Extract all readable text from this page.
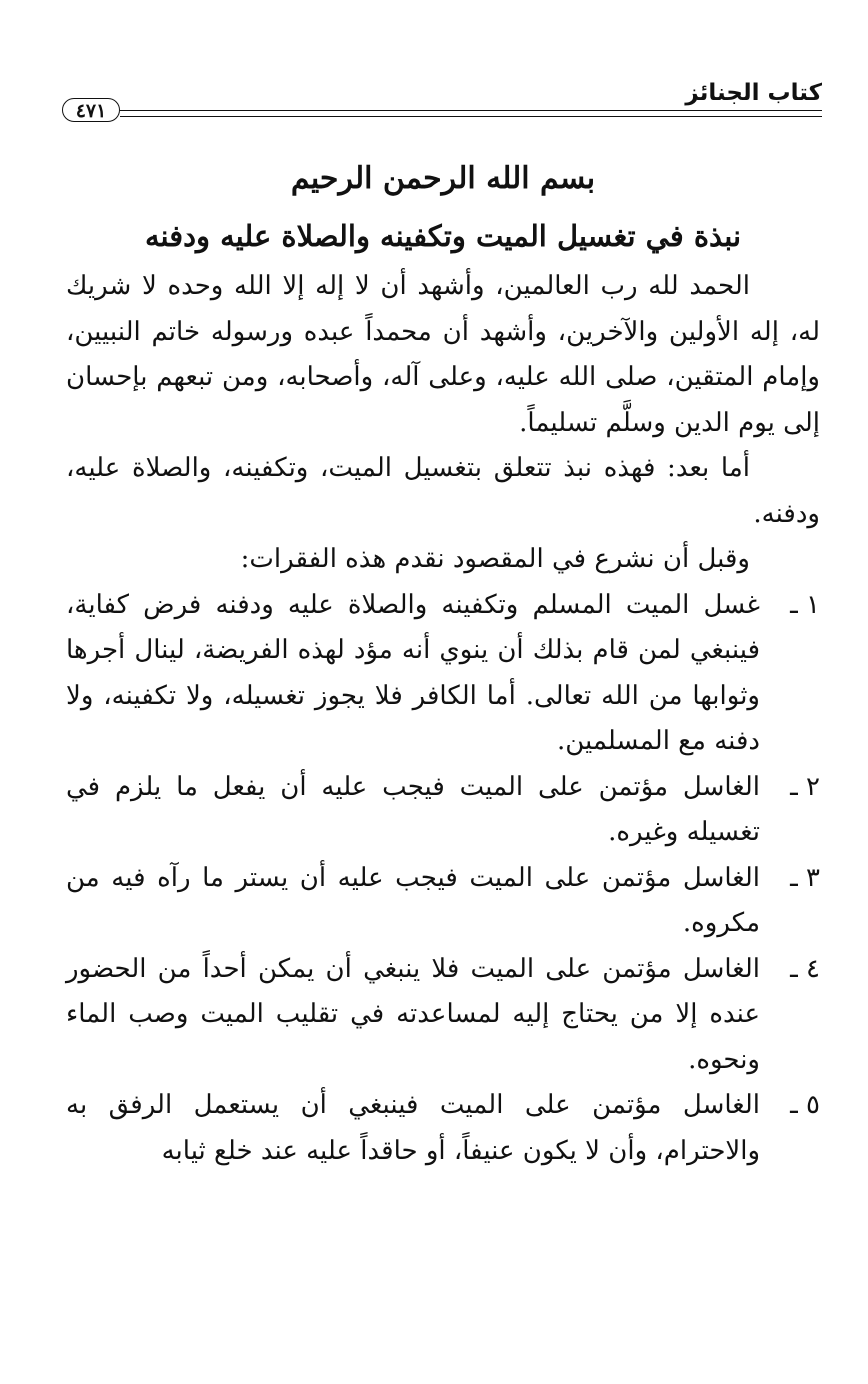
كتاب الجنائز
٤٧١
بسم الله الرحمن الرحيم
نبذة في تغسيل الميت وتكفينه والصلاة عليه ودفنه

الحمد لله رب العالمين، وأشهد أن لا إله إلا الله وحده لا شريك له، إله الأولين والآخرين، وأشهد أن محمداً عبده ورسوله خاتم النبيين، وإمام المتقين، صلى الله عليه، وعلى آله، وأصحابه، ومن تبعهم بإحسان إلى يوم الدين وسلَّم تسليماً.

أما بعد: فهذه نبذ تتعلق بتغسيل الميت، وتكفينه، والصلاة عليه، ودفنه.

وقبل أن نشرع في المقصود نقدم هذه الفقرات:

١ ـ
غسل الميت المسلم وتكفينه والصلاة عليه ودفنه فرض كفاية، فينبغي لمن قام بذلك أن ينوي أنه مؤد لهذه الفريضة، لينال أجرها وثوابها من الله تعالى. أما الكافر فلا يجوز تغسيله، ولا تكفينه، ولا دفنه مع المسلمين.
٢ ـ
الغاسل مؤتمن على الميت فيجب عليه أن يفعل ما يلزم في تغسيله وغيره.
٣ ـ
الغاسل مؤتمن على الميت فيجب عليه أن يستر ما رآه فيه من مكروه.
٤ ـ
الغاسل مؤتمن على الميت فلا ينبغي أن يمكن أحداً من الحضور عنده إلا من يحتاج إليه لمساعدته في تقليب الميت وصب الماء ونحوه.
٥ ـ
الغاسل مؤتمن على الميت فينبغي أن يستعمل الرفق به والاحترام، وأن لا يكون عنيفاً، أو حاقداً عليه عند خلع ثيابه
